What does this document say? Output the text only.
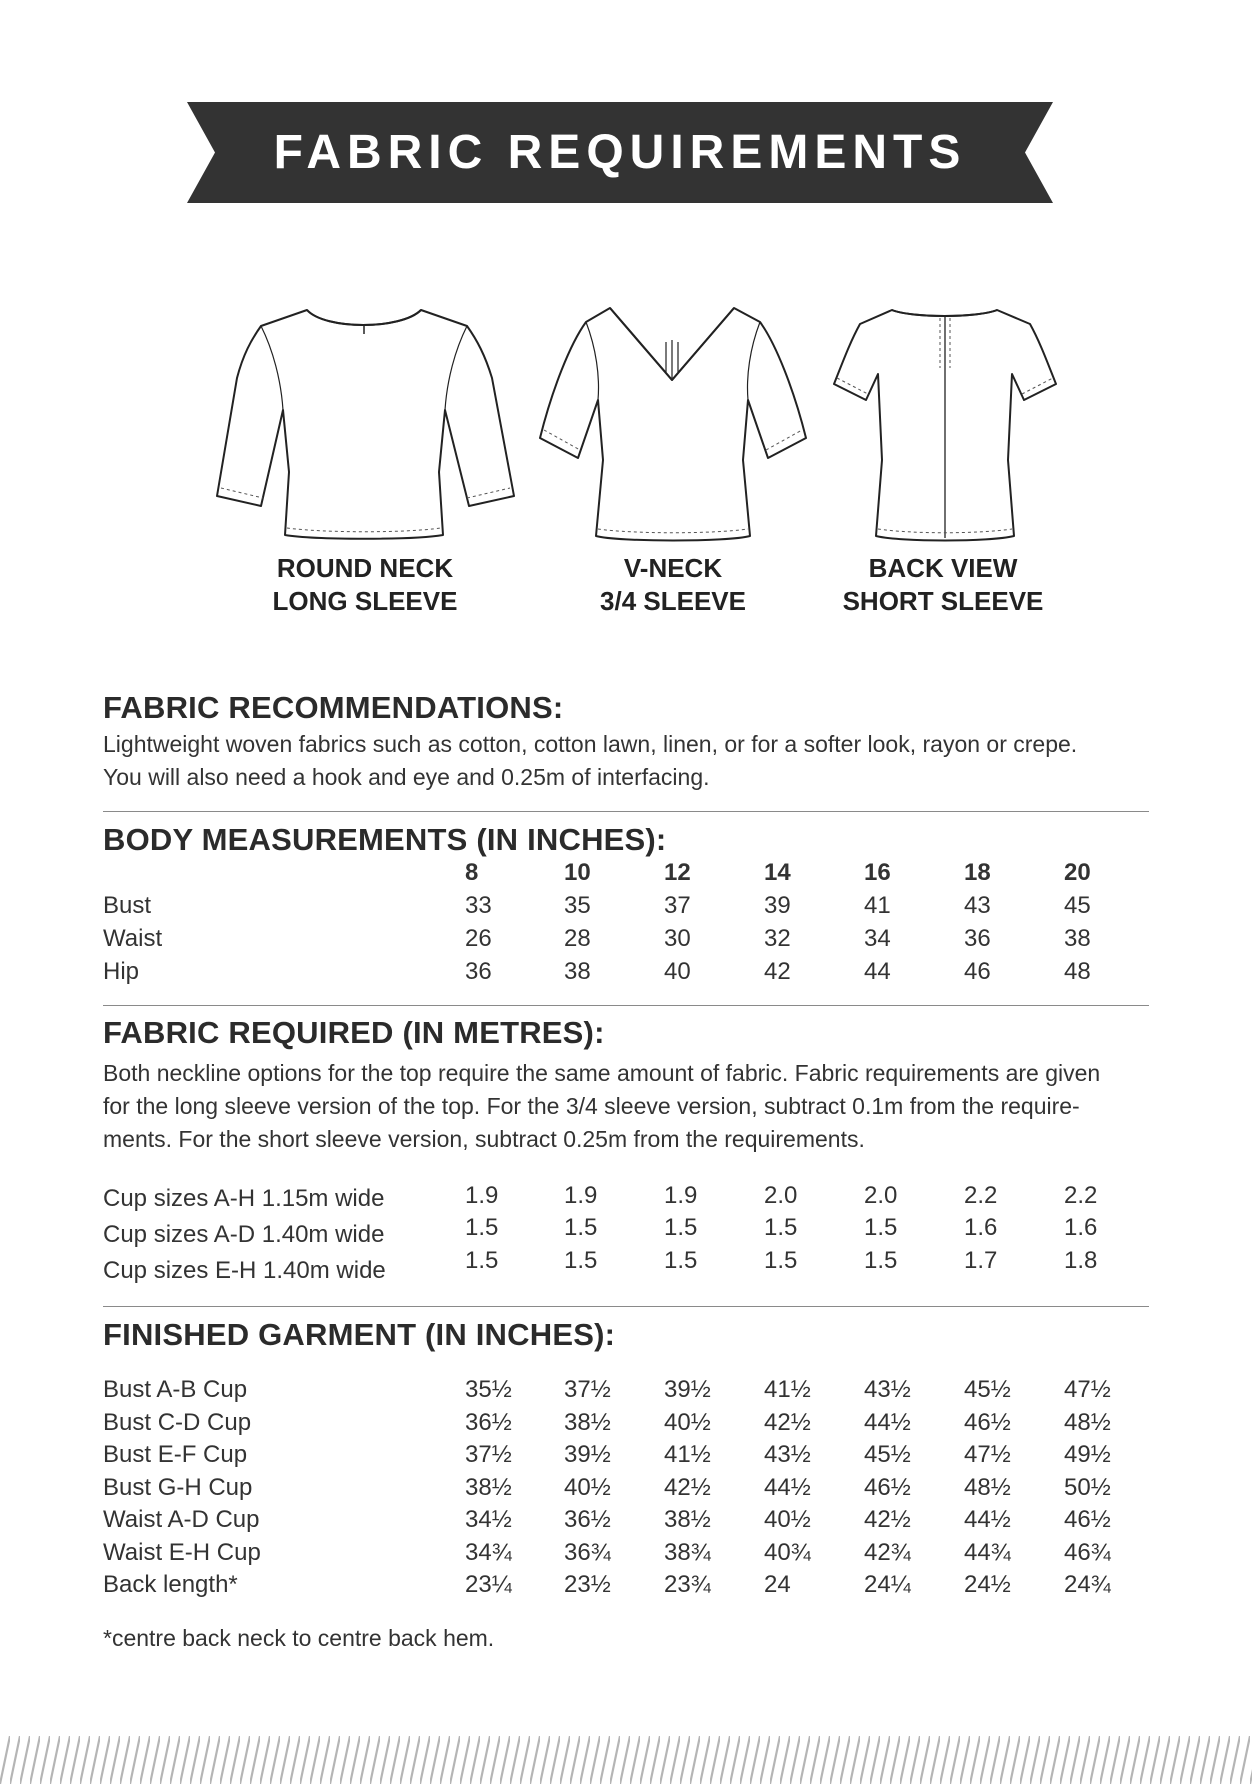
FABRIC REQUIREMENTS
ROUND NECK
LONG SLEEVE
V-NECK
3/4 SLEEVE
BACK VIEW
SHORT SLEEVE
FABRIC RECOMMENDATIONS:
Lightweight woven fabrics such as cotton, cotton lawn, linen, or for a softer look, rayon or crepe.
You will also need a hook and eye and 0.25m of interfacing.
BODY MEASUREMENTS (IN INCHES):
8	10	12	14	16	18	20
Bust	33	35	37	39	41	43	45
Waist	26	28	30	32	34	36	38
Hip	36	38	40	42	44	46	48
FABRIC REQUIRED (IN METRES):
Both neckline options for the top require the same amount of fabric. Fabric requirements are given
for the long sleeve version of the top. For the 3/4 sleeve version, subtract 0.1m from the require-
ments. For the short sleeve version, subtract 0.25m from the requirements.
Cup sizes A-H 1.15m wide	1.9	1.9	1.9	2.0	2.0	2.2	2.2
Cup sizes A-D 1.40m wide	1.5	1.5	1.5	1.5	1.5	1.6	1.6
Cup sizes E-H 1.40m wide	1.5	1.5	1.5	1.5	1.5	1.7	1.8
FINISHED GARMENT (IN INCHES):
Bust A-B Cup	35½	37½	39½	41½	43½	45½	47½
Bust C-D Cup	36½	38½	40½	42½	44½	46½	48½
Bust E-F Cup	37½	39½	41½	43½	45½	47½	49½
Bust G-H Cup	38½	40½	42½	44½	46½	48½	50½
Waist A-D Cup	34½	36½	38½	40½	42½	44½	46½
Waist E-H Cup	34¾	36¾	38¾	40¾	42¾	44¾	46¾
Back length*	23¼	23½	23¾	24	24¼	24½	24¾
*centre back neck to centre back hem.
